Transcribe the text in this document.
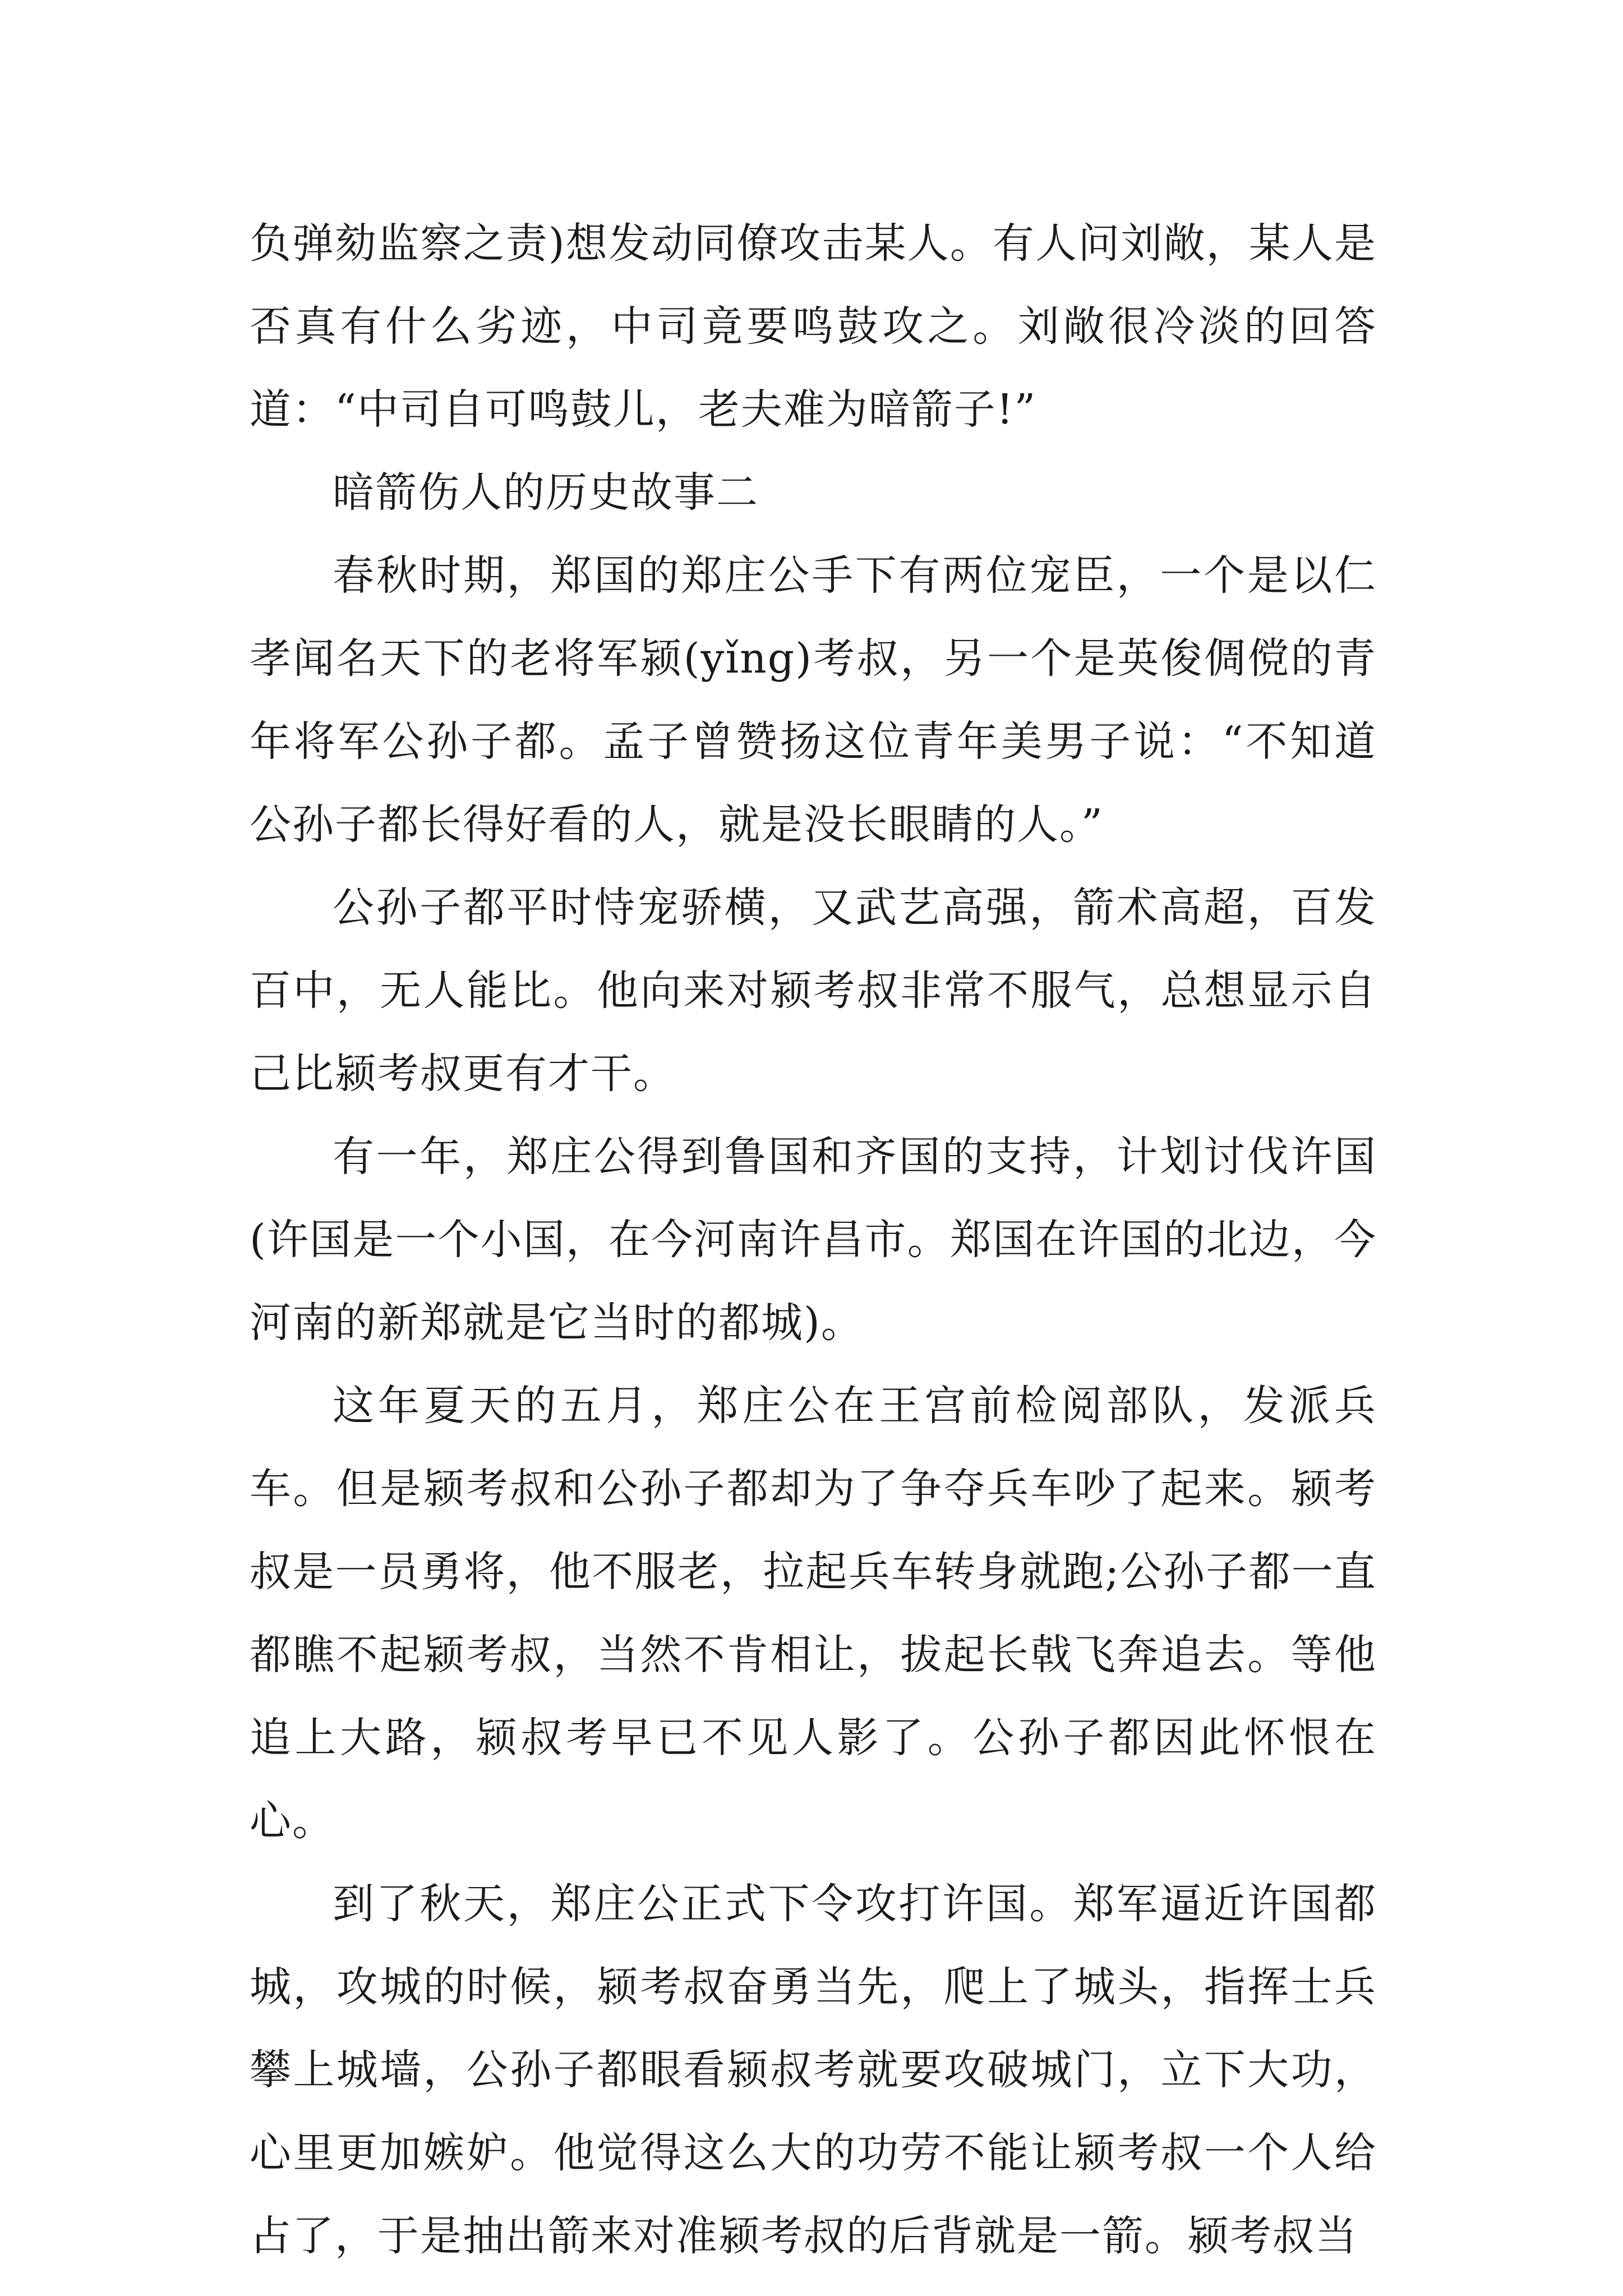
负弹劾监察之责)想发动同僚攻击某人。有人问刘敞，某人是否真有什么劣迹，中司竟要鸣鼓攻之。刘敞很冷淡的回答道：“中司自可鸣鼓儿，老夫难为暗箭子!”

暗箭伤人的历史故事二

春秋时期，郑国的郑庄公手下有两位宠臣，一个是以仁孝闻名天下的老将军颍(yǐng)考叔，另一个是英俊倜傥的青年将军公孙子都。孟子曾赞扬这位青年美男子说：“不知道公孙子都长得好看的人，就是没长眼睛的人。”

公孙子都平时恃宠骄横，又武艺高强，箭术高超，百发百中，无人能比。他向来对颍考叔非常不服气，总想显示自己比颍考叔更有才干。

有一年，郑庄公得到鲁国和齐国的支持，计划讨伐许国(许国是一个小国，在今河南许昌市。郑国在许国的北边，今河南的新郑就是它当时的都城)。

这年夏天的五月，郑庄公在王宫前检阅部队，发派兵车。但是颍考叔和公孙子都却为了争夺兵车吵了起来。颍考叔是一员勇将，他不服老，拉起兵车转身就跑;公孙子都一直都瞧不起颍考叔，当然不肯相让，拔起长戟飞奔追去。等他追上大路，颍叔考早已不见人影了。公孙子都因此怀恨在心。

到了秋天，郑庄公正式下令攻打许国。郑军逼近许国都城，攻城的时候，颍考叔奋勇当先，爬上了城头，指挥士兵攀上城墙，公孙子都眼看颍叔考就要攻破城门，立下大功，心里更加嫉妒。他觉得这么大的功劳不能让颍考叔一个人给占了，于是抽出箭来对准颍考叔的后背就是一箭。颍考叔当
